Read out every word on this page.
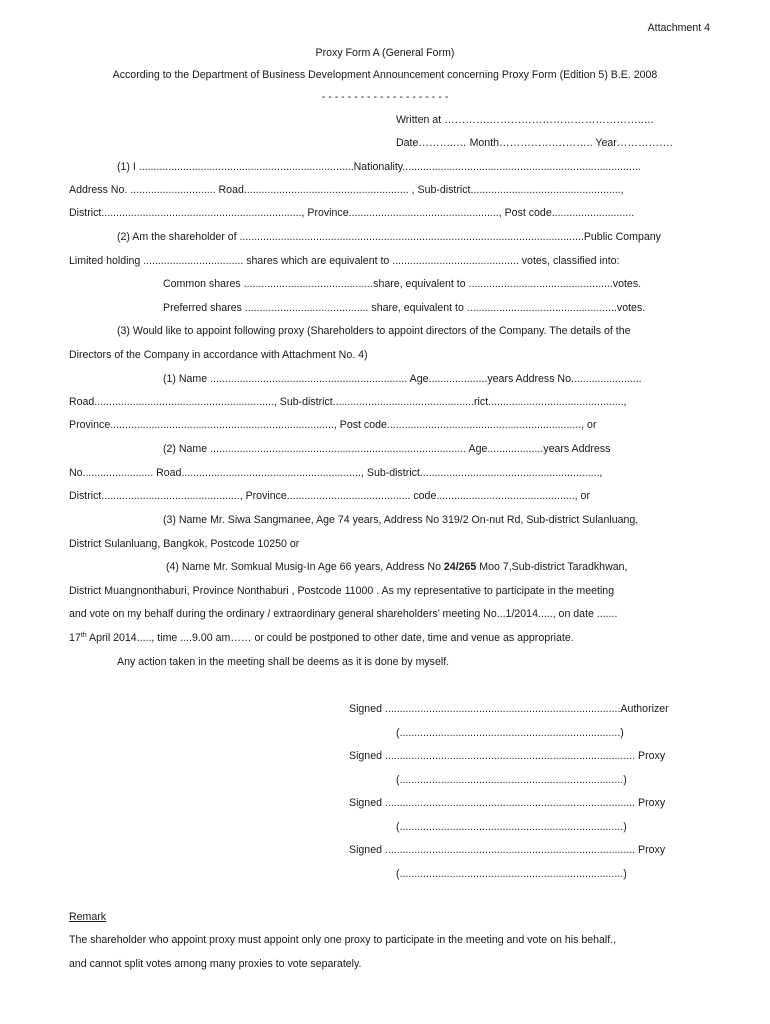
Attachment 4
Proxy Form A (General Form)
According to the Department of Business Development Announcement concerning Proxy Form (Edition 5) B.E. 2008
- - - - - - - - - - - - - - - - - - - -
Written at ………….……………………………………..…
Date………..… Month…………….……….. Year…………….
(1) I .........................................................................Nationality.................................................................................
Address No. ............................. Road........................................................ , Sub-district...................................................,
District...................................................................., Province..................................................., Post code............................
(2) Am the shareholder of .....................................................................................................................Public Company
Limited holding .................................. shares which are equivalent to ........................................... votes, classified into:
Common shares ............................................share, equivalent to .................................................votes.
Preferred shares .......................................... share, equivalent to ...................................................votes.
(3) Would like to appoint following proxy (Shareholders to appoint directors of the Company. The details of the
Directors of the Company in accordance with Attachment No. 4)
(1) Name ................................................................... Age....................years Address No........................
Road............................................................., Sub-district................................................rict..............................................,
Province............................................................................, Post code.................................................................., or
(2) Name ....................................................................................... Age...................years Address
No........................ Road............................................................., Sub-district.............................................................,
District..............................................., Province.......................................... code..............................................., or
(3) Name Mr. Siwa Sangmanee, Age 74 years, Address No 319/2 On-nut Rd, Sub-district Sulanluang,
District Sulanluang, Bangkok, Postcode 10250 or
(4) Name Mr. Somkual Musig-In Age 66 years, Address No 24/265 Moo 7,Sub-district Taradkhwan,
District Muangnonthaburi, Province Nonthaburi , Postcode 11000 . As my representative to participate in the meeting
and vote on my behalf during the ordinary / extraordinary general shareholders’ meeting No...1/2014....., on date .......
17th April 2014....., time ....9.00 am…… or could be postponed to other date, time and venue as appropriate.
Any action taken in the meeting shall be deems as it is done by myself.
Signed ................................................................................Authorizer
(...........................................................................)
Signed ..................................................................................... Proxy
(............................................................................)
Signed ..................................................................................... Proxy
(............................................................................)
Signed ..................................................................................... Proxy
(............................................................................)
Remark
The shareholder who appoint proxy must appoint only one proxy to participate in the meeting and vote on his behalf.,
and cannot split votes among many proxies to vote separately.
